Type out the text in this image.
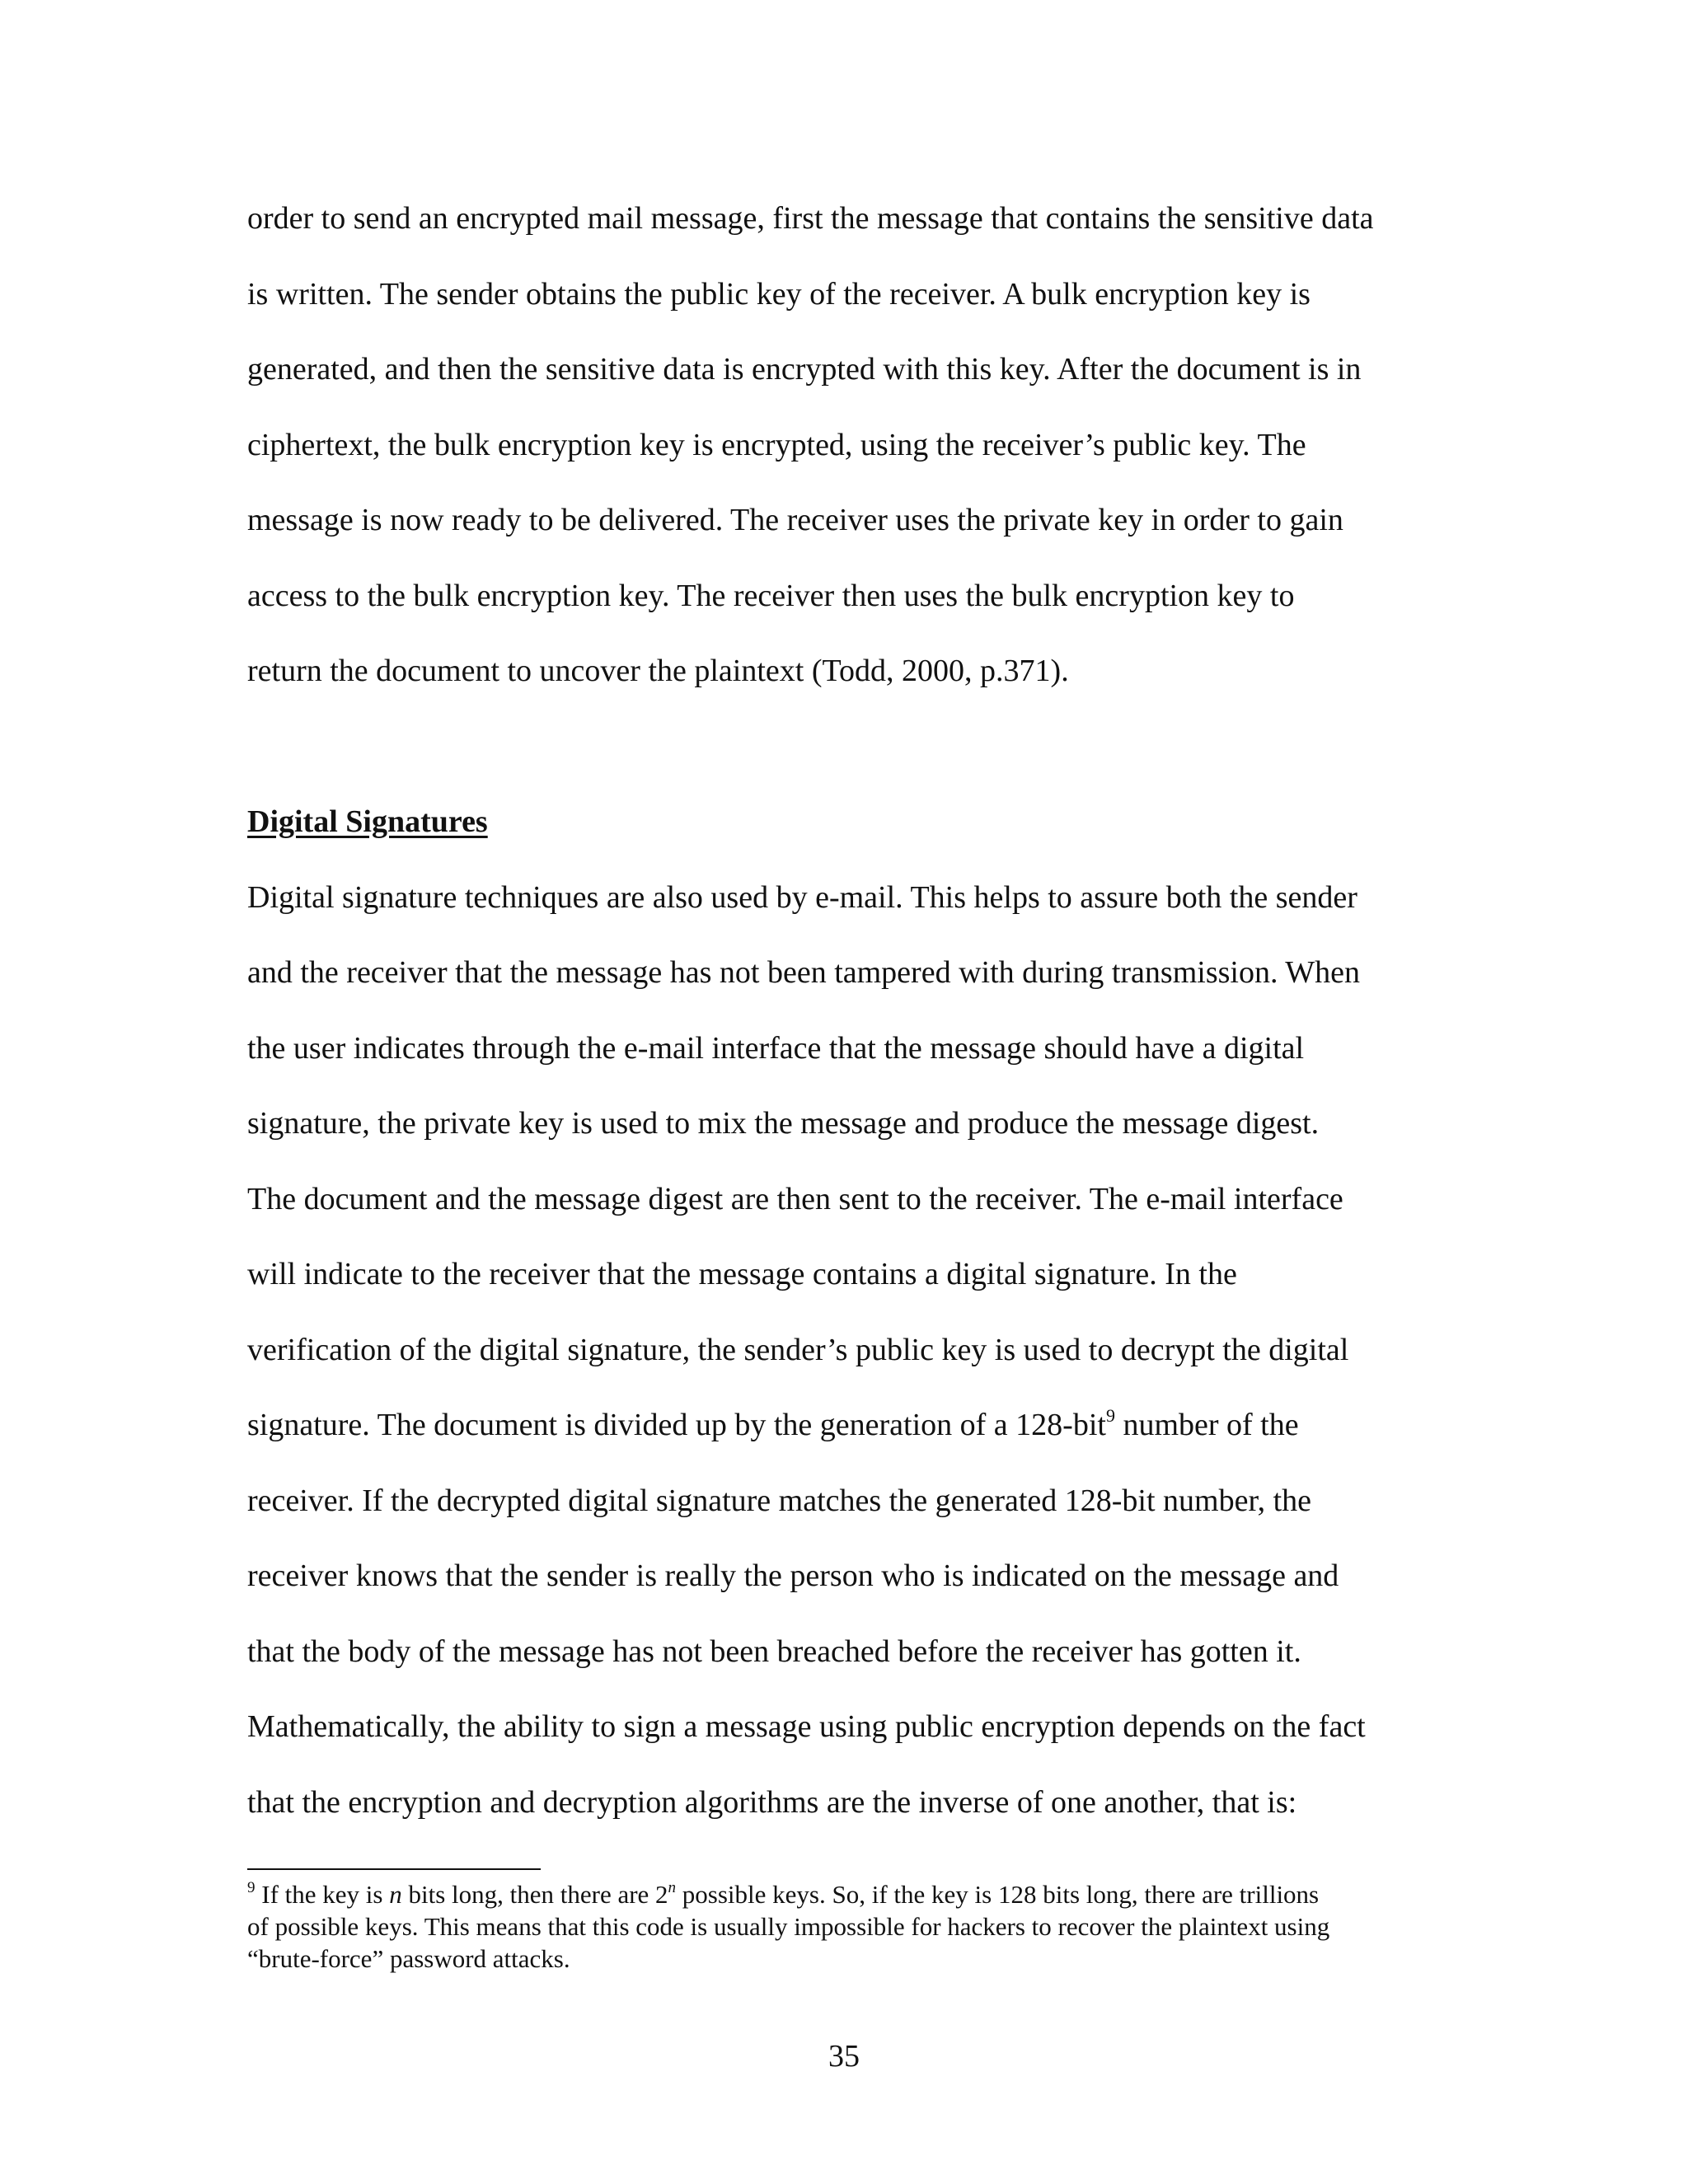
order to send an encrypted mail message, first the message that contains the sensitive data
is written. The sender obtains the public key of the receiver. A bulk encryption key is
generated, and then the sensitive data is encrypted with this key. After the document is in
ciphertext, the bulk encryption key is encrypted, using the receiver’s public key. The
message is now ready to be delivered. The receiver uses the private key in order to gain
access to the bulk encryption key. The receiver then uses the bulk encryption key to
return the document to uncover the plaintext (Todd, 2000, p.371).
Digital Signatures
Digital signature techniques are also used by e-mail. This helps to assure both the sender
and the receiver that the message has not been tampered with during transmission. When
the user indicates through the e-mail interface that the message should have a digital
signature, the private key is used to mix the message and produce the message digest.
The document and the message digest are then sent to the receiver. The e-mail interface
will indicate to the receiver that the message contains a digital signature. In the
verification of the digital signature, the sender’s public key is used to decrypt the digital
signature. The document is divided up by the generation of a 128-bit$^9$ number of the
receiver. If the decrypted digital signature matches the generated 128-bit number, the
receiver knows that the sender is really the person who is indicated on the message and
that the body of the message has not been breached before the receiver has gotten it.
Mathematically, the ability to sign a message using public encryption depends on the fact
that the encryption and decryption algorithms are the inverse of one another, that is:
$^9$ If the key is n bits long, then there are 2$^n$ possible keys. So, if the key is 128 bits long, there are trillions
of possible keys. This means that this code is usually impossible for hackers to recover the plaintext using
“brute-force” password attacks.
35
